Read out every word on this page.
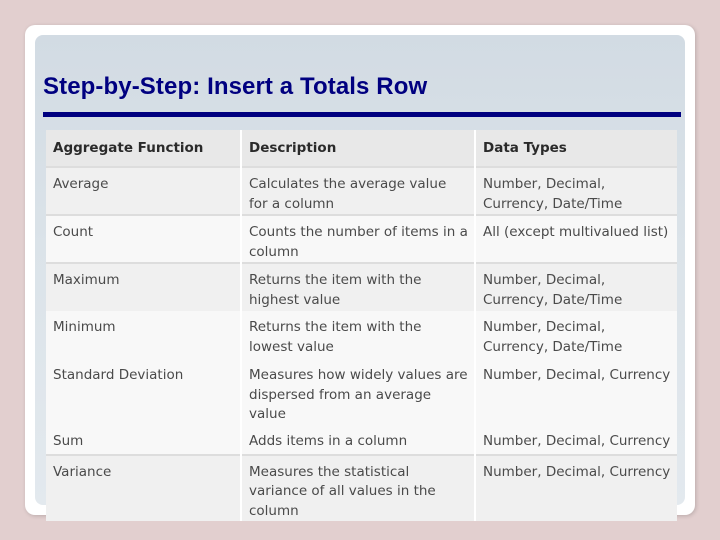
Step-by-Step: Insert a Totals Row
Aggregate Function	Description	Data Types
Average	Calculates the average value for a column	Number, Decimal, Currency, Date/Time
Count	Counts the number of items in a column	All (except multivalued list)
Maximum	Returns the item with the highest value	Number, Decimal, Currency, Date/Time
Minimum	Returns the item with the lowest value	Number, Decimal, Currency, Date/Time
Standard Deviation	Measures how widely values are dispersed from an average value	Number, Decimal, Currency
Sum	Adds items in a column	Number, Decimal, Currency
Variance	Measures the statistical variance of all values in the column	Number, Decimal, Currency
